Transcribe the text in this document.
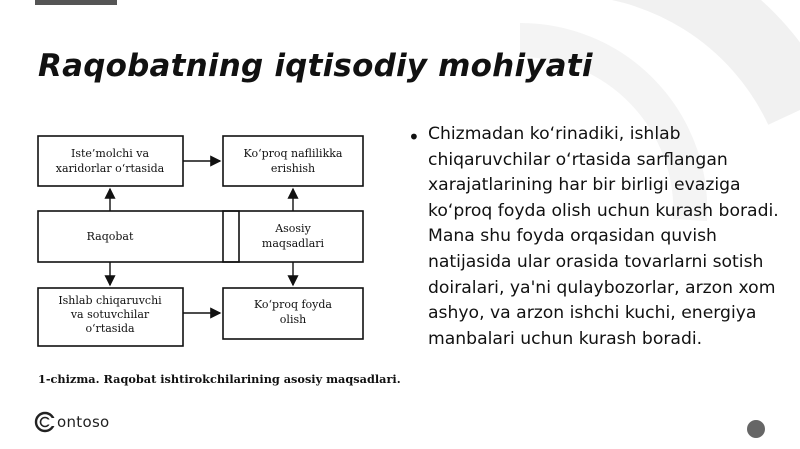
Raqobatning iqtisodiy mohiyati
Iste’molchi va
xaridorlar o‘rtasida
Ko‘proq naflilikka
erishish
Raqobat
Asosiy
maqsadlari
Ishlab chiqaruvchi
va sotuvchilar
o‘rtasida
Ko‘proq foyda
olish
1-chizma. Raqobat ishtirokchilarining asosiy maqsadlari.
• Chizmadan ko‘rinadiki, ishlab chiqaruvchilar o‘rtasida sarflangan xarajatlarining har bir birligi evaziga ko‘proq foyda olish uchun kurash boradi. Mana shu foyda orqasidan quvish natijasida ular orasida tovarlarni sotish doiralari, ya'ni qulaybozorlar, arzon xom ashyo, va arzon ishchi kuchi, energiya manbalari uchun kurash boradi.
ontoso
